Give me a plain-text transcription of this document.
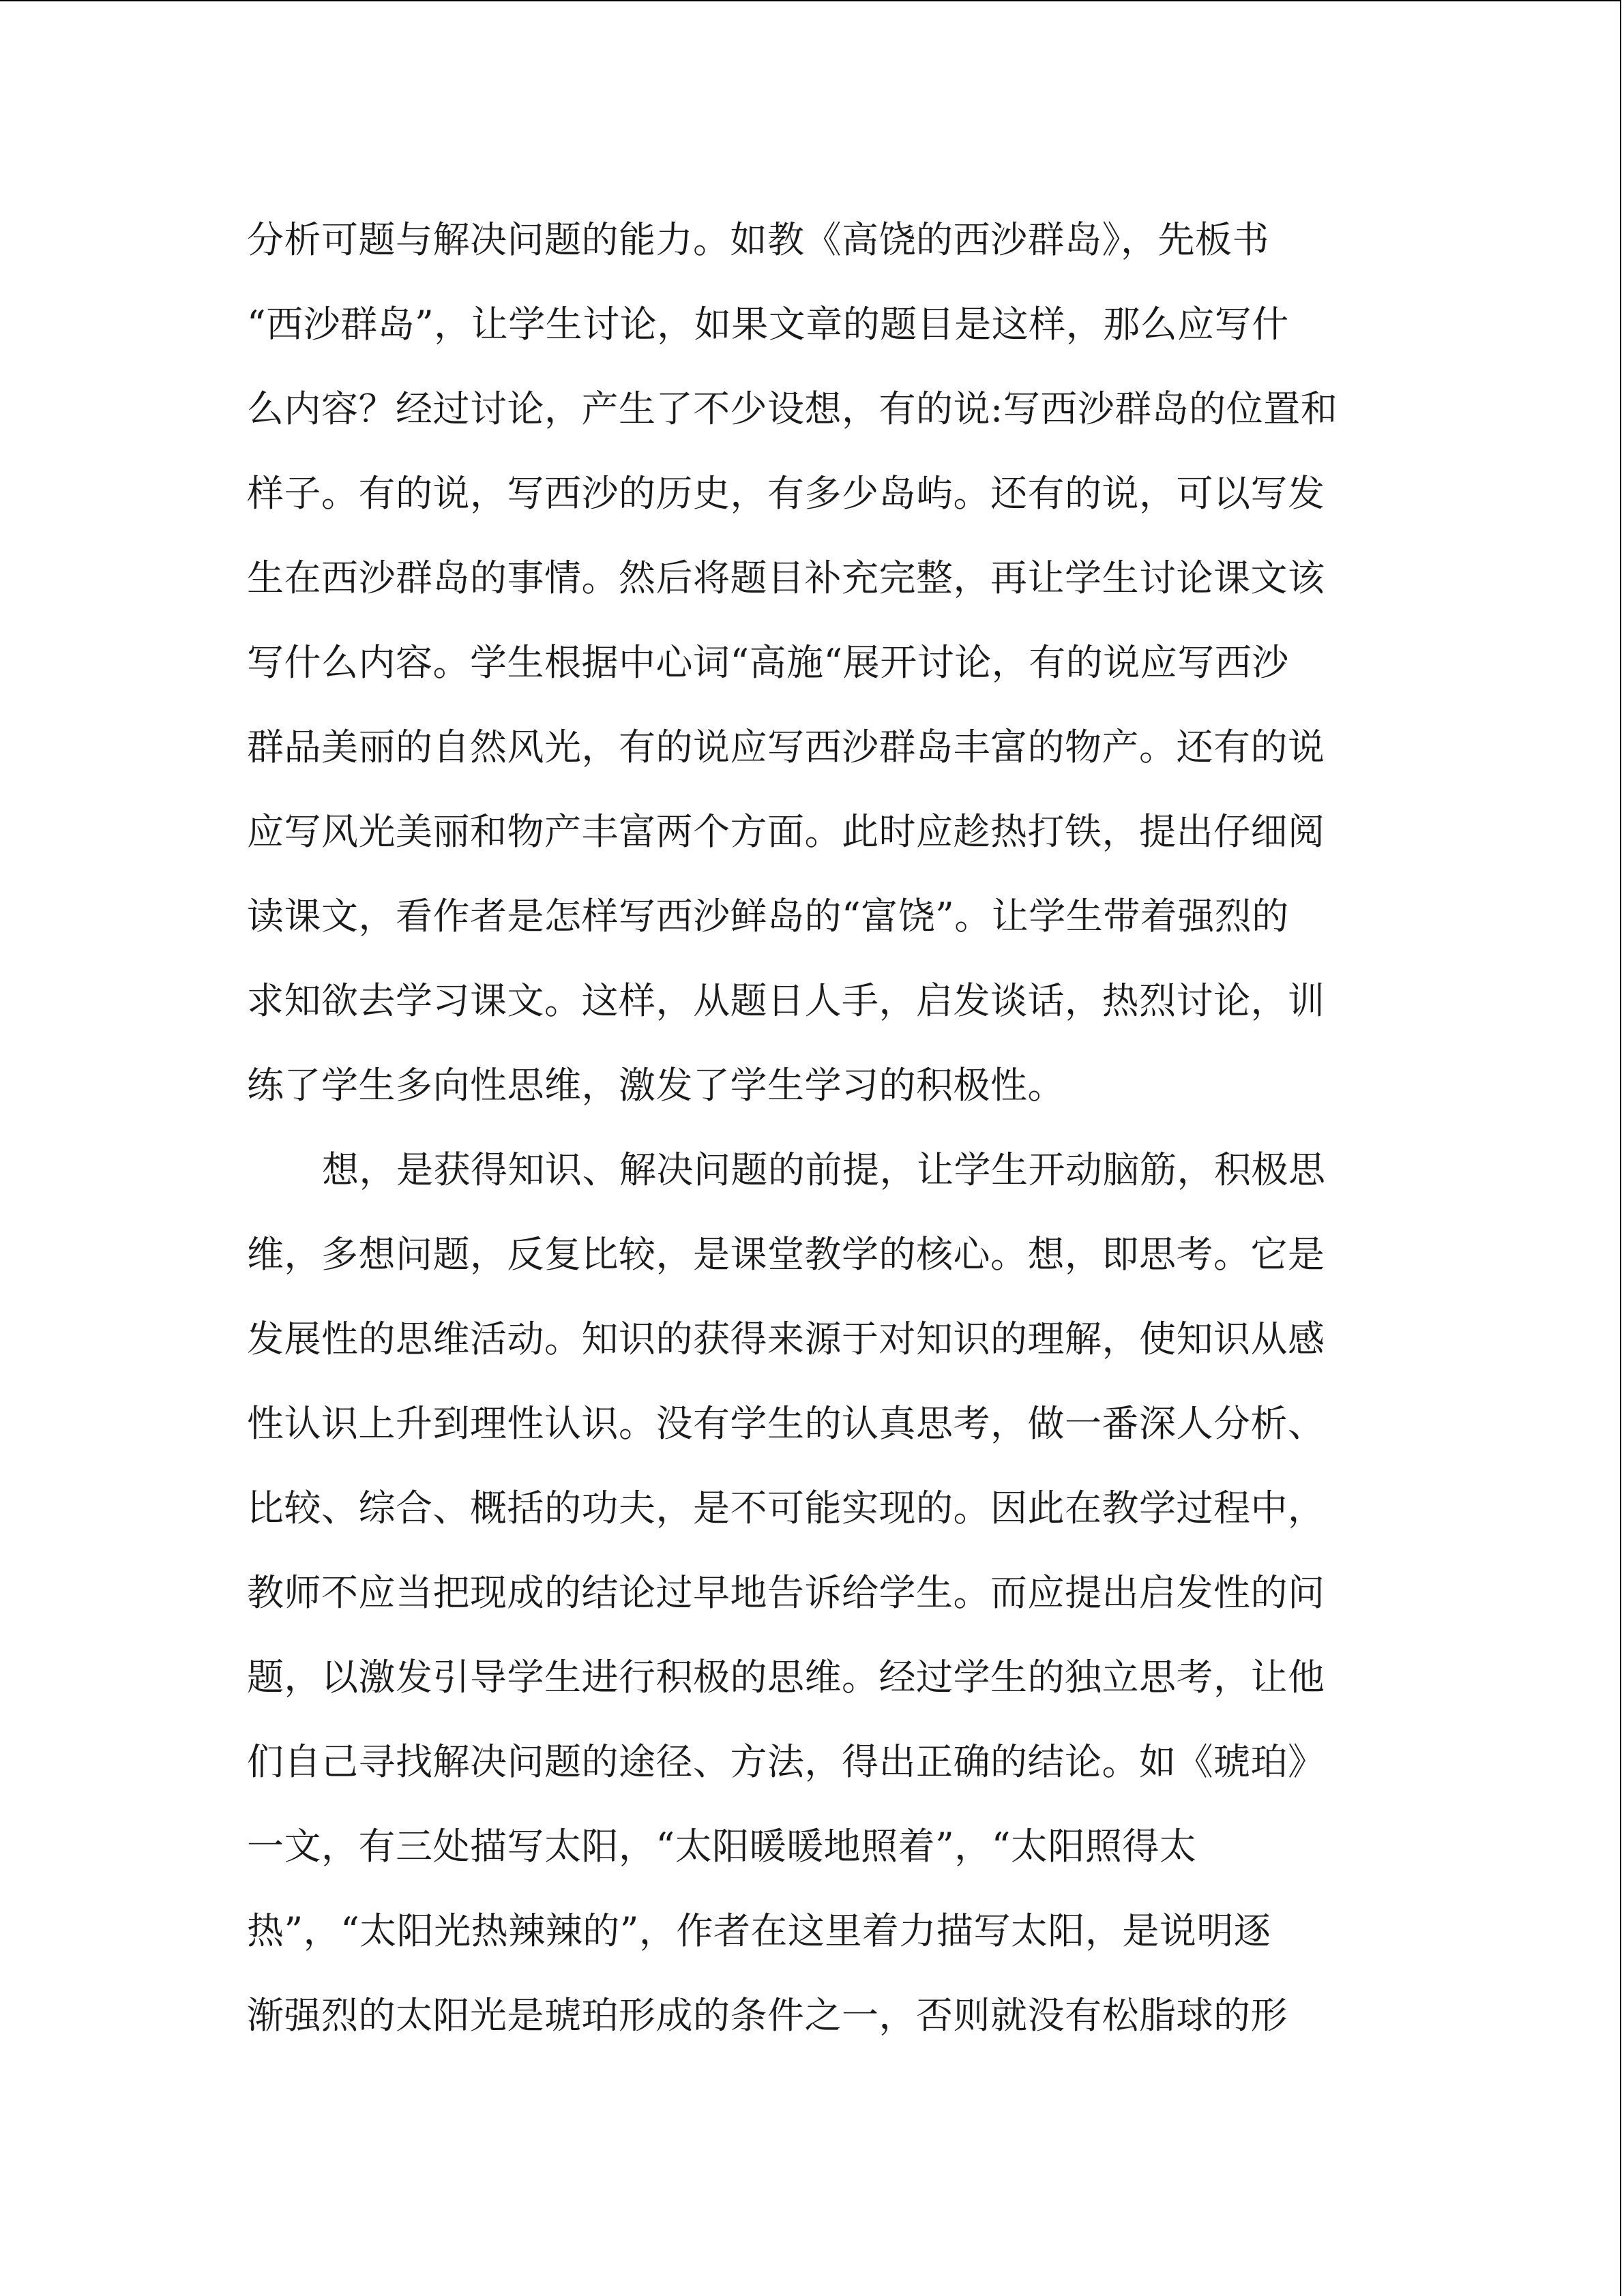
分析可题与解决问题的能力。如教《高饶的西沙群岛》，先板书
“西沙群岛”，让学生讨论，如果文章的题目是这样，那么应写什
么内容？经过讨论，产生了不少设想，有的说:写西沙群岛的位置和
样子。有的说，写西沙的历史，有多少岛屿。还有的说，可以写发
生在西沙群岛的事情。然后将题目补充完整，再让学生讨论课文该
写什么内容。学生根据中心词“高施“展开讨论，有的说应写西沙
群品美丽的自然风光，有的说应写西沙群岛丰富的物产。还有的说
应写风光美丽和物产丰富两个方面。此时应趁热打铁，提出仔细阅
读课文，看作者是怎样写西沙鲜岛的“富饶”。让学生带着强烈的
求知欲去学习课文。这样，从题日人手，启发谈话，热烈讨论，训
练了学生多向性思维，激发了学生学习的积极性。
想，是获得知识、解决问题的前提，让学生开动脑筋，积极思
维，多想问题，反复比较，是课堂教学的核心。想，即思考。它是
发展性的思维活动。知识的获得来源于对知识的理解，使知识从感
性认识上升到理性认识。没有学生的认真思考，做一番深人分析、
比较、综合、概括的功夫，是不可能实现的。因此在教学过程中，
教师不应当把现成的结论过早地告诉给学生。而应提出启发性的问
题，以激发引导学生进行积极的思维。经过学生的独立思考，让他
们自己寻找解决问题的途径、方法，得出正确的结论。如《琥珀》
一文，有三处描写太阳，“太阳暖暖地照着”，“太阳照得太
热”，“太阳光热辣辣的”，作者在这里着力描写太阳，是说明逐
渐强烈的太阳光是琥珀形成的条件之一，否则就没有松脂球的形
